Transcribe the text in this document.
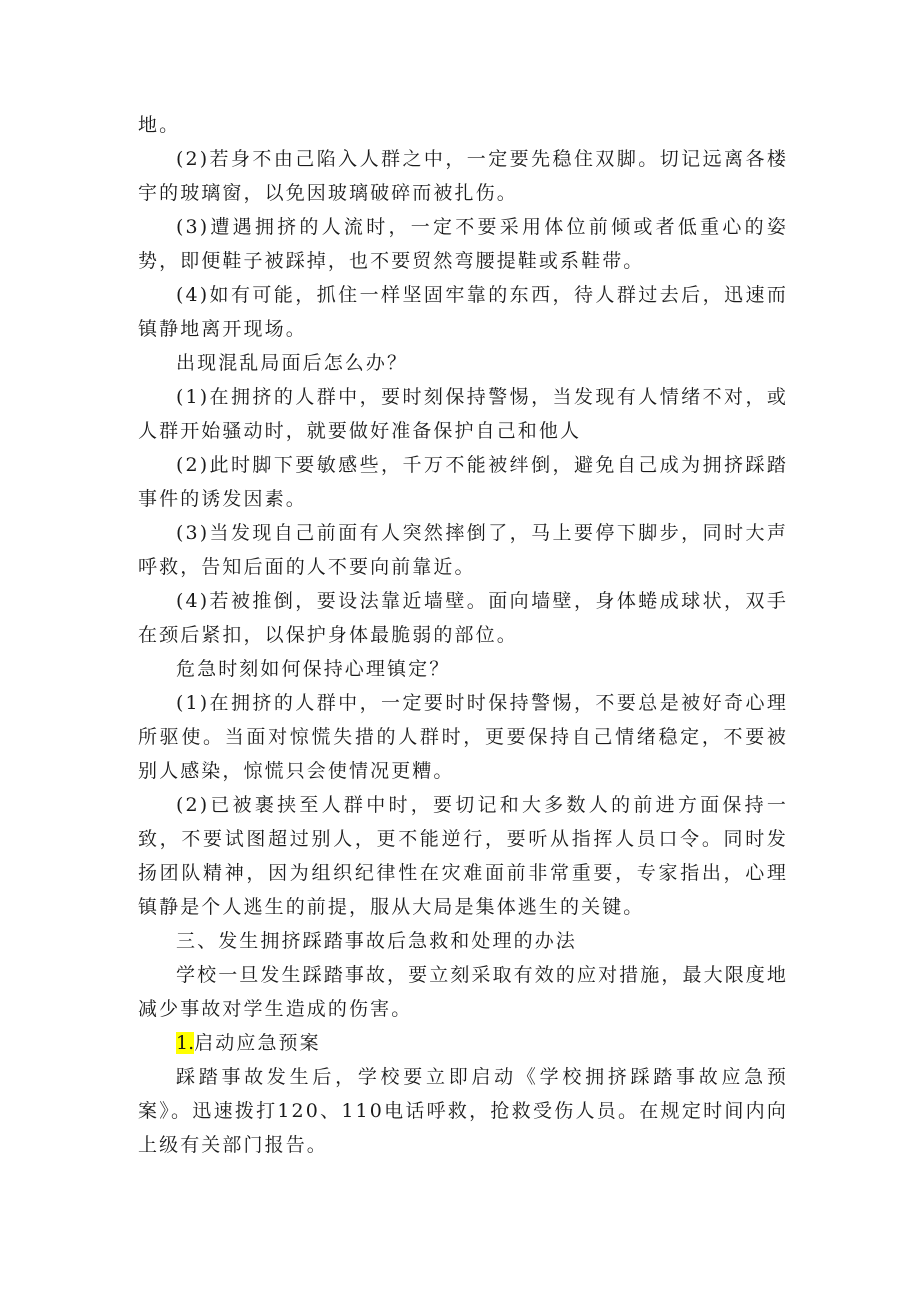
地。

(2)若身不由己陷入人群之中，一定要先稳住双脚。切记远离各楼宇的玻璃窗，以免因玻璃破碎而被扎伤。

(3)遭遇拥挤的人流时，一定不要采用体位前倾或者低重心的姿势，即便鞋子被踩掉，也不要贸然弯腰提鞋或系鞋带。

(4)如有可能，抓住一样坚固牢靠的东西，待人群过去后，迅速而镇静地离开现场。

出现混乱局面后怎么办？

(1)在拥挤的人群中，要时刻保持警惕，当发现有人情绪不对，或人群开始骚动时，就要做好准备保护自己和他人

(2)此时脚下要敏感些，千万不能被绊倒，避免自己成为拥挤踩踏事件的诱发因素。

(3)当发现自己前面有人突然摔倒了，马上要停下脚步，同时大声呼救，告知后面的人不要向前靠近。

(4)若被推倒，要设法靠近墙壁。面向墙壁，身体蜷成球状，双手在颈后紧扣，以保护身体最脆弱的部位。

危急时刻如何保持心理镇定？

(1)在拥挤的人群中，一定要时时保持警惕，不要总是被好奇心理所驱使。当面对惊慌失措的人群时，更要保持自己情绪稳定，不要被别人感染，惊慌只会使情况更糟。

(2)已被裹挟至人群中时，要切记和大多数人的前进方面保持一致，不要试图超过别人，更不能逆行，要听从指挥人员口令。同时发扬团队精神，因为组织纪律性在灾难面前非常重要，专家指出，心理镇静是个人逃生的前提，服从大局是集体逃生的关键。

三、发生拥挤踩踏事故后急救和处理的办法

学校一旦发生踩踏事故，要立刻采取有效的应对措施，最大限度地减少事故对学生造成的伤害。

1.启动应急预案

踩踏事故发生后，学校要立即启动《学校拥挤踩踏事故应急预案》。迅速拨打120、110电话呼救，抢救受伤人员。在规定时间内向上级有关部门报告。
